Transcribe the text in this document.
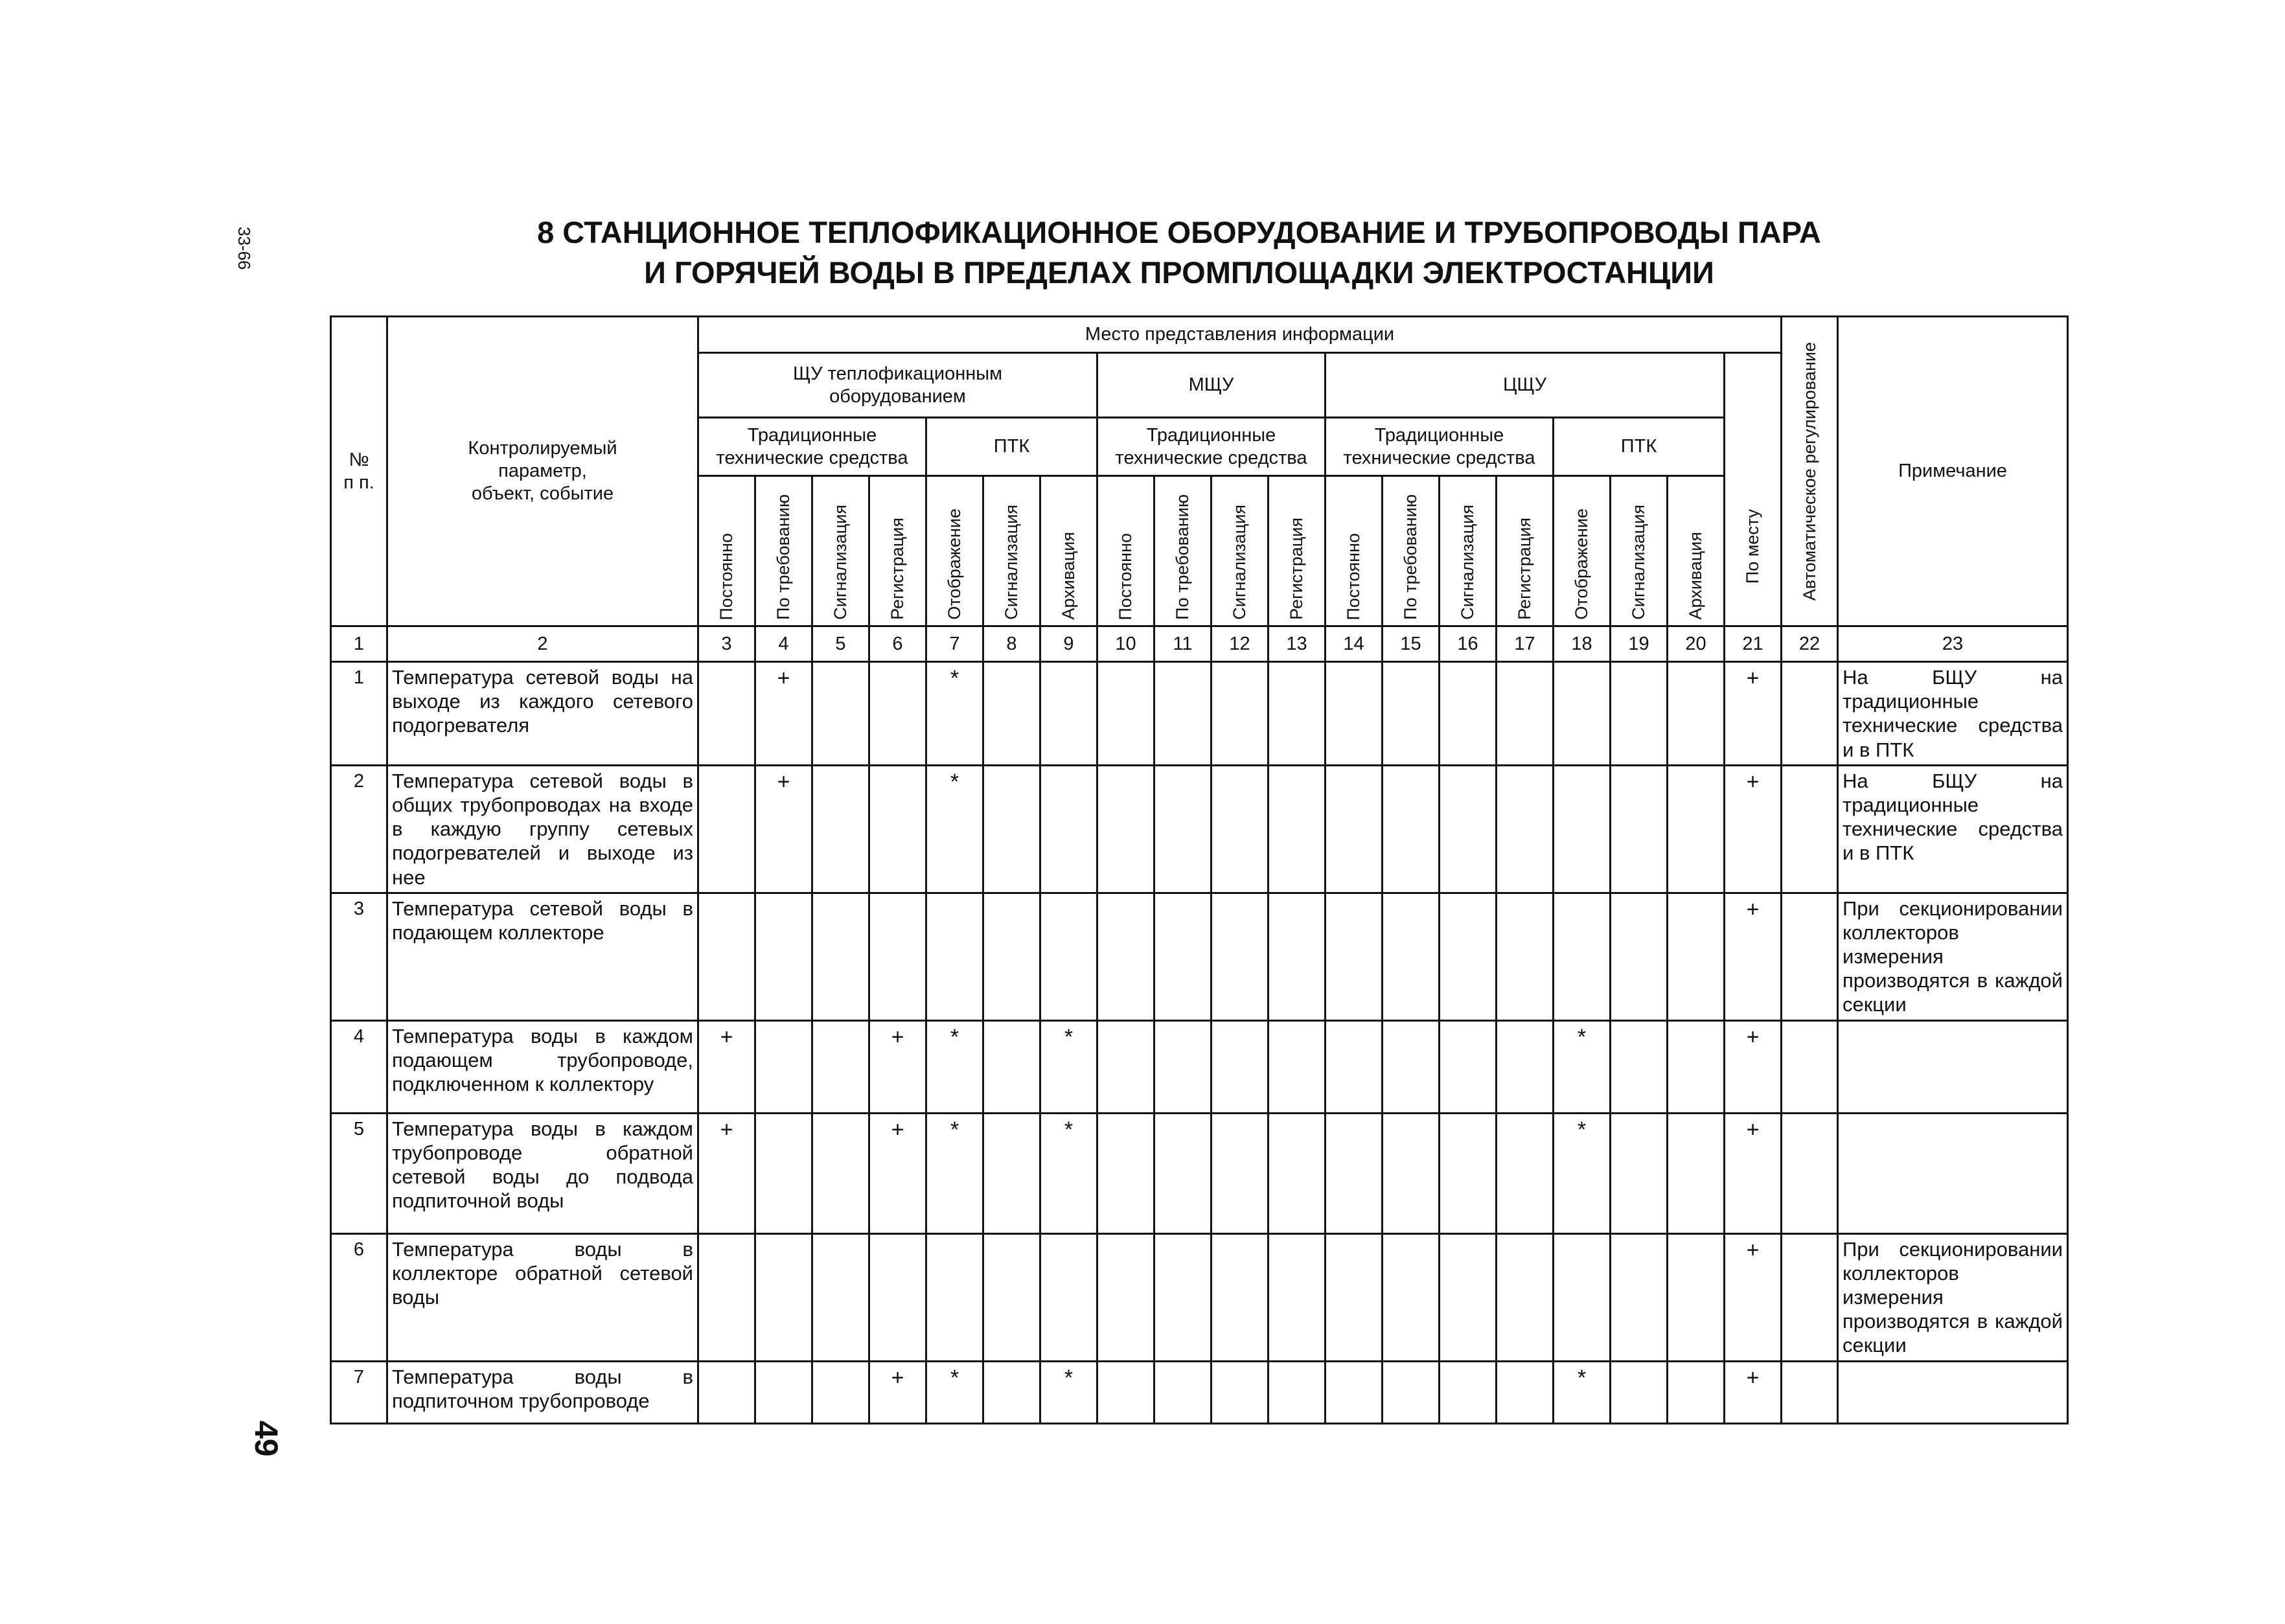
33-66
49
8 СТАНЦИОННОЕ ТЕПЛОФИКАЦИОННОЕ ОБОРУДОВАНИЕ И ТРУБОПРОВОДЫ ПАРА
И ГОРЯЧЕЙ ВОДЫ В ПРЕДЕЛАХ ПРОМПЛОЩАДКИ ЭЛЕКТРОСТАНЦИИ
№
п п.	Контролируемый
параметр,
объект, событие	Место представления информации																			Автоматическое регулирование	Примечание
		ЩУ теплофикационным
оборудованием							МЩУ				ЦЩУ							По месту		

		Традиционные
технические средства				ПТК			Традиционные
технические средства				Традиционные
технические средства				ПТК					

		Постоянно	По требованию	Сигнализация	Регистрация	Отображение	Сигнализация	Архивация	Постоянно	По требованию	Сигнализация	Регистрация	Постоянно	По требованию	Сигнализация	Регистрация	Отображение	Сигнализация	Архивация			

1	2	3	4	5	6	7	8	9	10	11	12	13	14	15	16	17	18	19	20	21	22	23
1	Температура сетевой воды на выходе из каждого сетевого подогревателя		+			*														+		На БЩУ на традиционные технические средства и в ПТК
2	Температура сетевой воды в общих трубопроводах на входе в каждую группу сетевых подогревателей и выходе из нее		+			*														+		На БЩУ на традиционные технические средства и в ПТК
3	Температура сетевой воды в подающем коллекторе																			+		При секционировании коллекторов измерения производятся в каждой секции
4	Температура воды в каждом подающем трубопроводе, подключенном к коллектору	+			+	*		*									*			+		
5	Температура воды в каждом трубопроводе обратной сетевой воды до подвода подпиточной воды	+			+	*		*									*			+		
6	Температура воды в коллекторе обратной сетевой воды																			+		При секционировании коллекторов измерения производятся в каждой секции
7	Температура воды в подпиточном трубопроводе				+	*		*									*			+		
